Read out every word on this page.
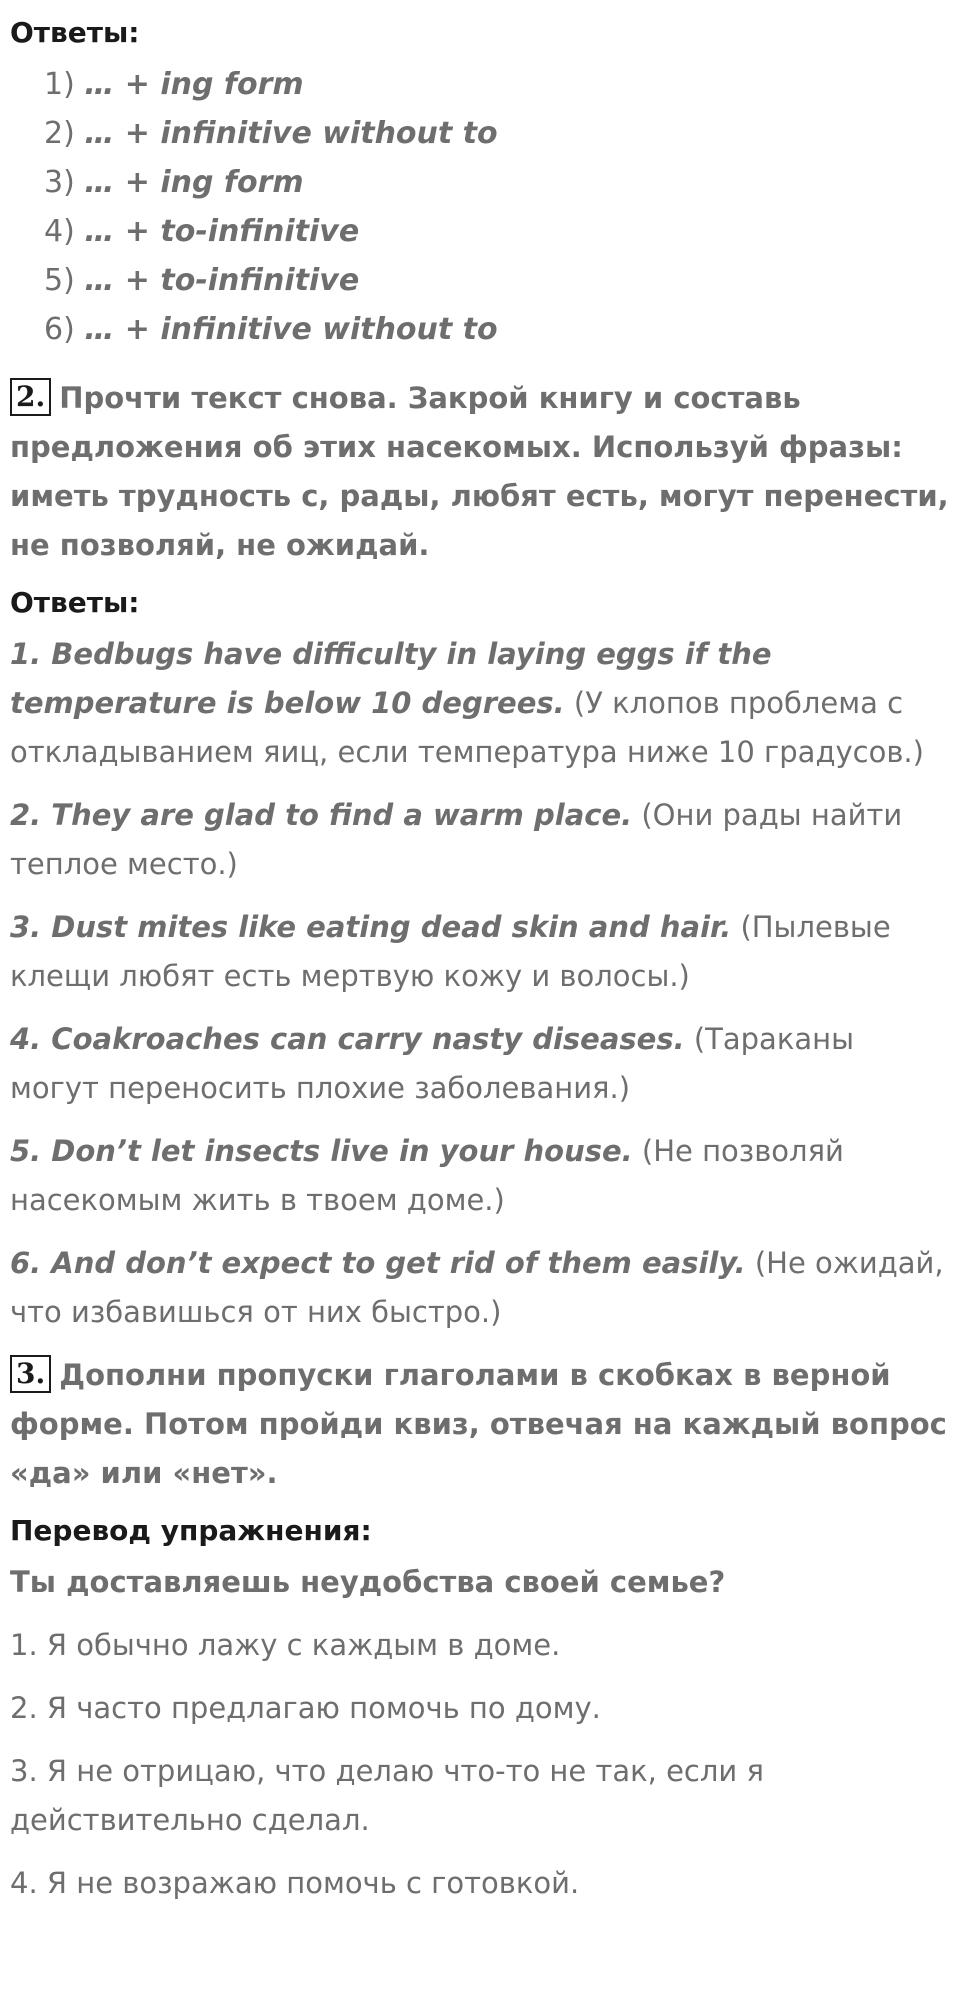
Ответы:
1) … + ing form
2) … + infinitive without to
3) … + ing form
4) … + to-infinitive
5) … + to-infinitive
6) … + infinitive without to
2. Прочти текст снова. Закрой книгу и составь предложения об этих насекомых. Используй фразы: иметь трудность с, рады, любят есть, могут перенести, не позволяй, не ожидай.
Ответы:
1. Bedbugs have difficulty in laying eggs if the temperature is below 10 degrees. (У клопов проблема с откладыванием яиц, если температура ниже 10 градусов.)
2. They are glad to find a warm place. (Они рады найти теплое место.)
3. Dust mites like eating dead skin and hair. (Пылевые клещи любят есть мертвую кожу и волосы.)
4. Coakroaches can carry nasty diseases. (Тараканы могут переносить плохие заболевания.)
5. Don’t let insects live in your house. (Не позволяй насекомым жить в твоем доме.)
6. And don’t expect to get rid of them easily. (Не ожидай, что избавишься от них быстро.)
3. Дополни пропуски глаголами в скобках в верной форме. Потом пройди квиз, отвечая на каждый вопрос «да» или «нет».
Перевод упражнения:
Ты доставляешь неудобства своей семье?
1. Я обычно лажу с каждым в доме.
2. Я часто предлагаю помочь по дому.
3. Я не отрицаю, что делаю что-то не так, если я действительно сделал.
4. Я не возражаю помочь с готовкой.
